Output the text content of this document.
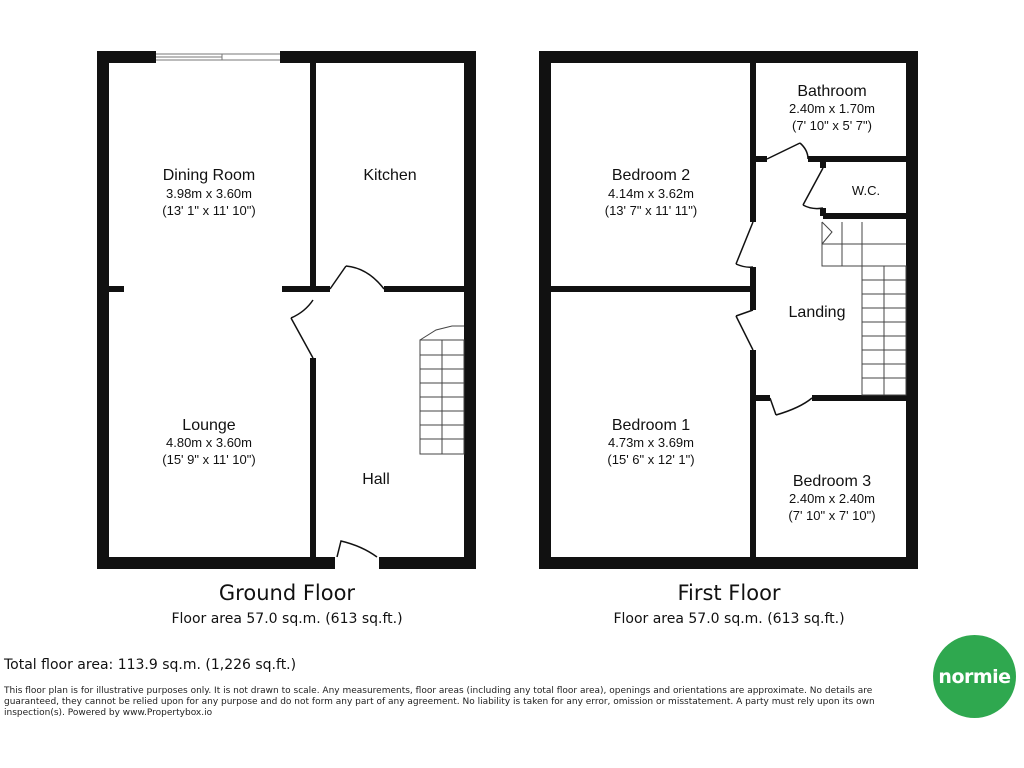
Dining Room
3.98m x 3.60m
(13' 1" x 11' 10")
Kitchen
Lounge
4.80m x 3.60m
(15' 9" x 11' 10")
Hall
Ground Floor
Floor area 57.0 sq.m. (613 sq.ft.)
Bedroom 2
4.14m x 3.62m
(13' 7" x 11' 11")
Bathroom
2.40m x 1.70m
(7' 10" x 5' 7")
W.C.
Landing
Bedroom 1
4.73m x 3.69m
(15' 6" x 12' 1")
Bedroom 3
2.40m x 2.40m
(7' 10" x 7' 10")
First Floor
Floor area 57.0 sq.m. (613 sq.ft.)
Total floor area: 113.9 sq.m. (1,226 sq.ft.)
This floor plan is for illustrative purposes only. It is not drawn to scale. Any measurements, floor areas (including any total floor area), openings and orientations are approximate. No details are guaranteed, they cannot be relied upon for any purpose and do not form any part of any agreement. No liability is taken for any error, omission or misstatement. A party must rely upon its own inspection(s). Powered by www.Propertybox.io
normie
